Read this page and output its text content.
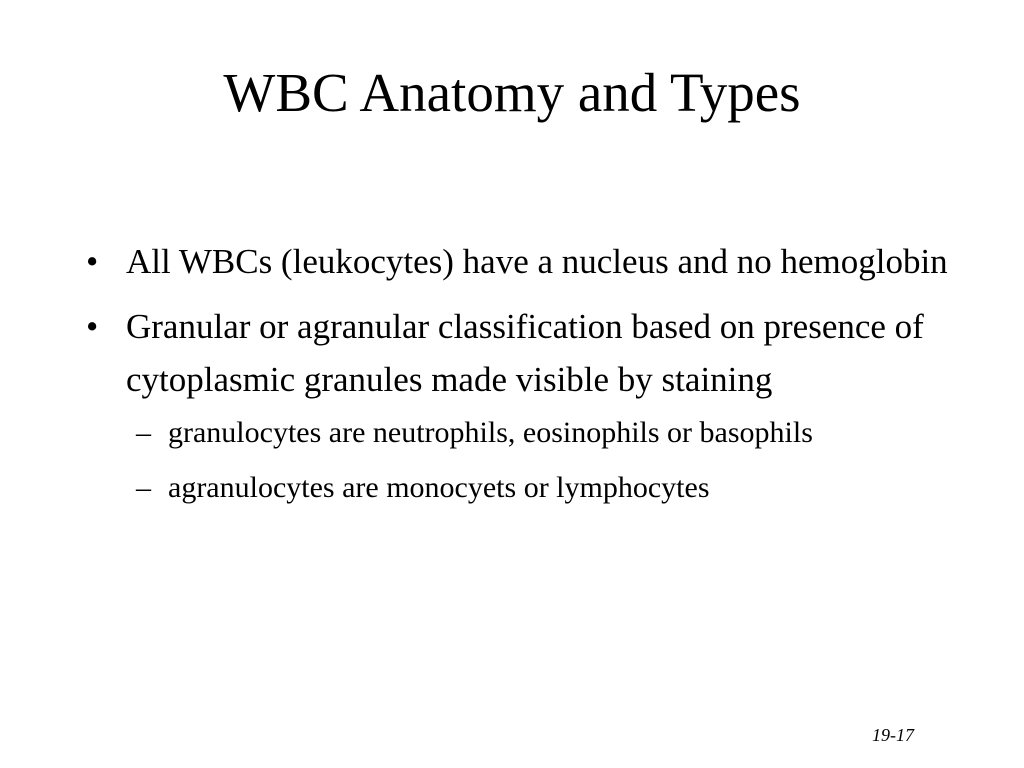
WBC Anatomy and Types
• All WBCs (leukocytes) have a nucleus and no hemoglobin
• Granular or agranular classification based on presence of cytoplasmic granules made visible by staining
– granulocytes are neutrophils, eosinophils or basophils
– agranulocytes are monocyets or lymphocytes
19-17
